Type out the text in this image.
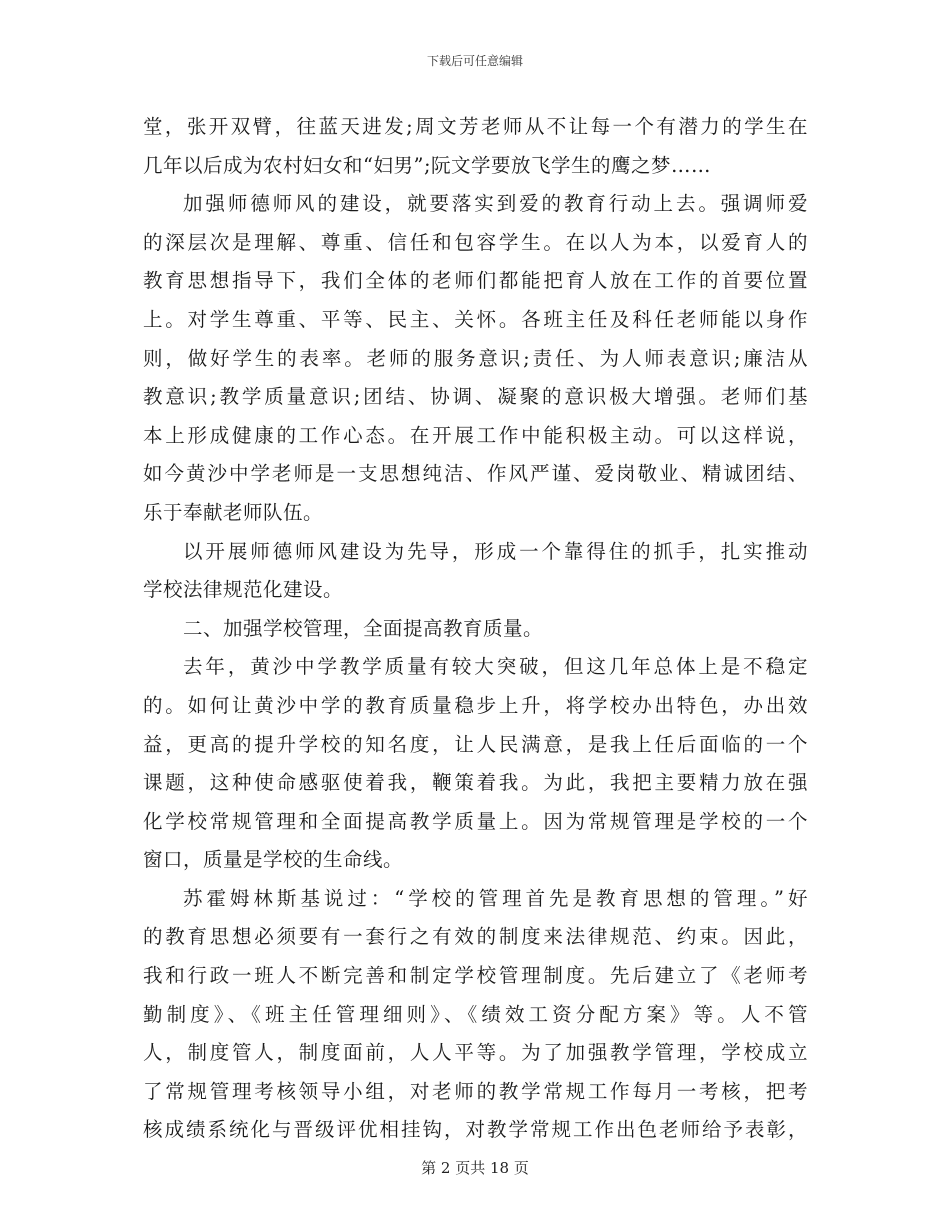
下载后可任意编辑
堂，张开双臂，往蓝天进发;周文芳老师从不让每一个有潜力的学生在
几年以后成为农村妇女和“妇男”;阮文学要放飞学生的鹰之梦……
加强师德师风的建设，就要落实到爱的教育行动上去。强调师爱
的深层次是理解、尊重、信任和包容学生。在以人为本，以爱育人的
教育思想指导下，我们全体的老师们都能把育人放在工作的首要位置
上。对学生尊重、平等、民主、关怀。各班主任及科任老师能以身作
则，做好学生的表率。老师的服务意识;责任、为人师表意识;廉洁从
教意识;教学质量意识;团结、协调、凝聚的意识极大增强。老师们基
本上形成健康的工作心态。在开展工作中能积极主动。可以这样说，
如今黄沙中学老师是一支思想纯洁、作风严谨、爱岗敬业、精诚团结、
乐于奉献老师队伍。
以开展师德师风建设为先导，形成一个靠得住的抓手，扎实推动
学校法律规范化建设。
二、加强学校管理，全面提高教育质量。
去年，黄沙中学教学质量有较大突破，但这几年总体上是不稳定
的。如何让黄沙中学的教育质量稳步上升，将学校办出特色，办出效
益，更高的提升学校的知名度，让人民满意，是我上任后面临的一个
课题，这种使命感驱使着我，鞭策着我。为此，我把主要精力放在强
化学校常规管理和全面提高教学质量上。因为常规管理是学校的一个
窗口，质量是学校的生命线。
苏霍姆林斯基说过：“学校的管理首先是教育思想的管理。”好
的教育思想必须要有一套行之有效的制度来法律规范、约束。因此，
我和行政一班人不断完善和制定学校管理制度。先后建立了《老师考
勤制度》、《班主任管理细则》、《绩效工资分配方案》等。人不管
人，制度管人，制度面前，人人平等。为了加强教学管理，学校成立
了常规管理考核领导小组，对老师的教学常规工作每月一考核，把考
核成绩系统化与晋级评优相挂钩，对教学常规工作出色老师给予表彰，
第 2 页共 18 页
